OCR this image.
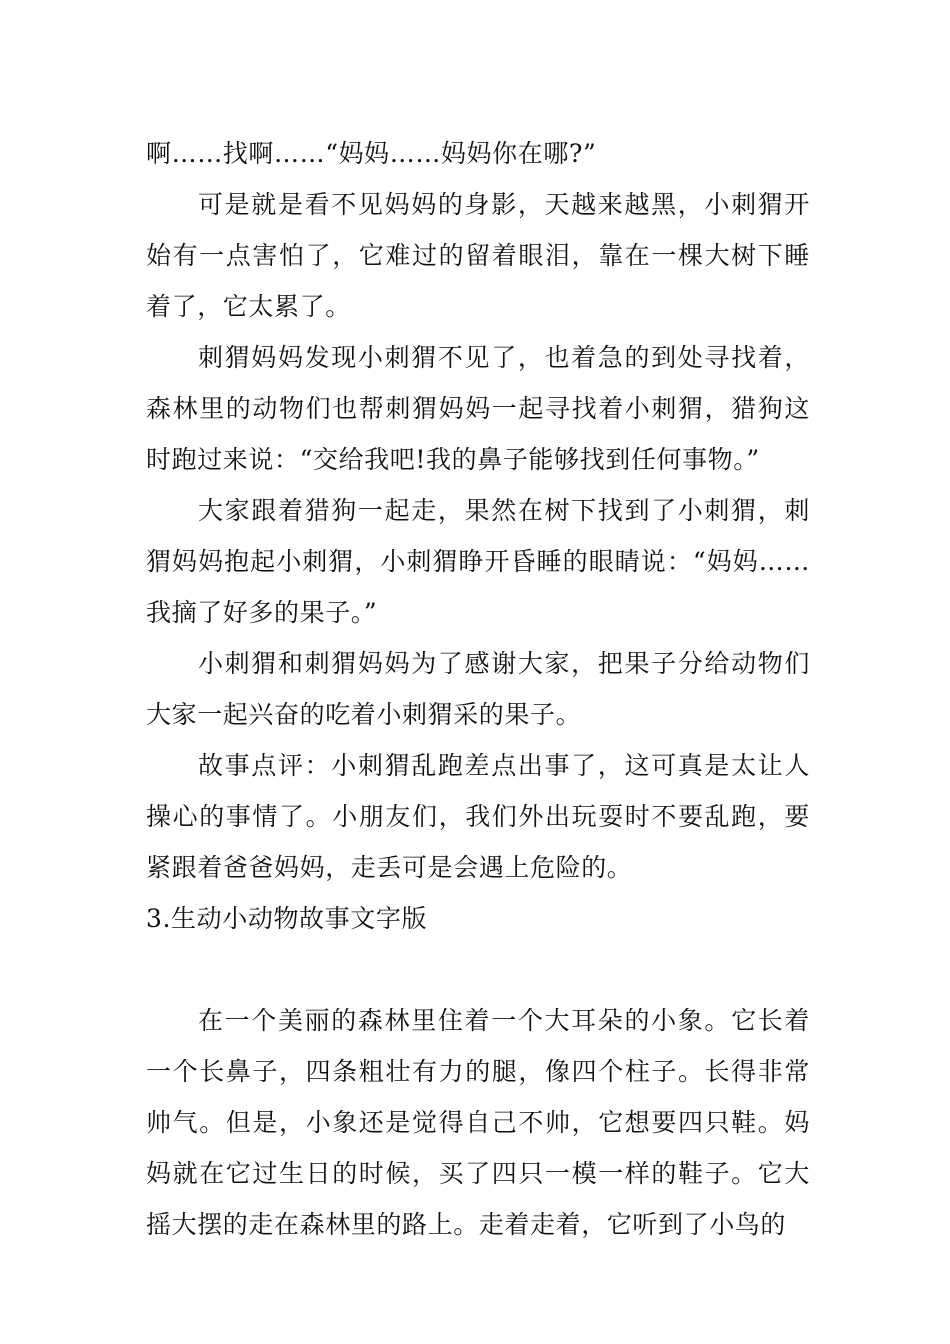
啊……找啊……“妈妈……妈妈你在哪?”

可是就是看不见妈妈的身影，天越来越黑，小刺猬开始有一点害怕了，它难过的留着眼泪，靠在一棵大树下睡着了，它太累了。

刺猬妈妈发现小刺猬不见了，也着急的到处寻找着，森林里的动物们也帮刺猬妈妈一起寻找着小刺猬，猎狗这时跑过来说：“交给我吧!我的鼻子能够找到任何事物。”

大家跟着猎狗一起走，果然在树下找到了小刺猬，刺猬妈妈抱起小刺猬，小刺猬睁开昏睡的眼睛说：“妈妈……我摘了好多的果子。”

小刺猬和刺猬妈妈为了感谢大家，把果子分给动物们大家一起兴奋的吃着小刺猬采的果子。

故事点评：小刺猬乱跑差点出事了，这可真是太让人操心的事情了。小朋友们，我们外出玩耍时不要乱跑，要紧跟着爸爸妈妈，走丢可是会遇上危险的。

3.生动小动物故事文字版

在一个美丽的森林里住着一个大耳朵的小象。它长着一个长鼻子，四条粗壮有力的腿，像四个柱子。长得非常帅气。但是，小象还是觉得自己不帅，它想要四只鞋。妈妈就在它过生日的时候，买了四只一模一样的鞋子。它大摇大摆的走在森林里的路上。走着走着，它听到了小鸟的
